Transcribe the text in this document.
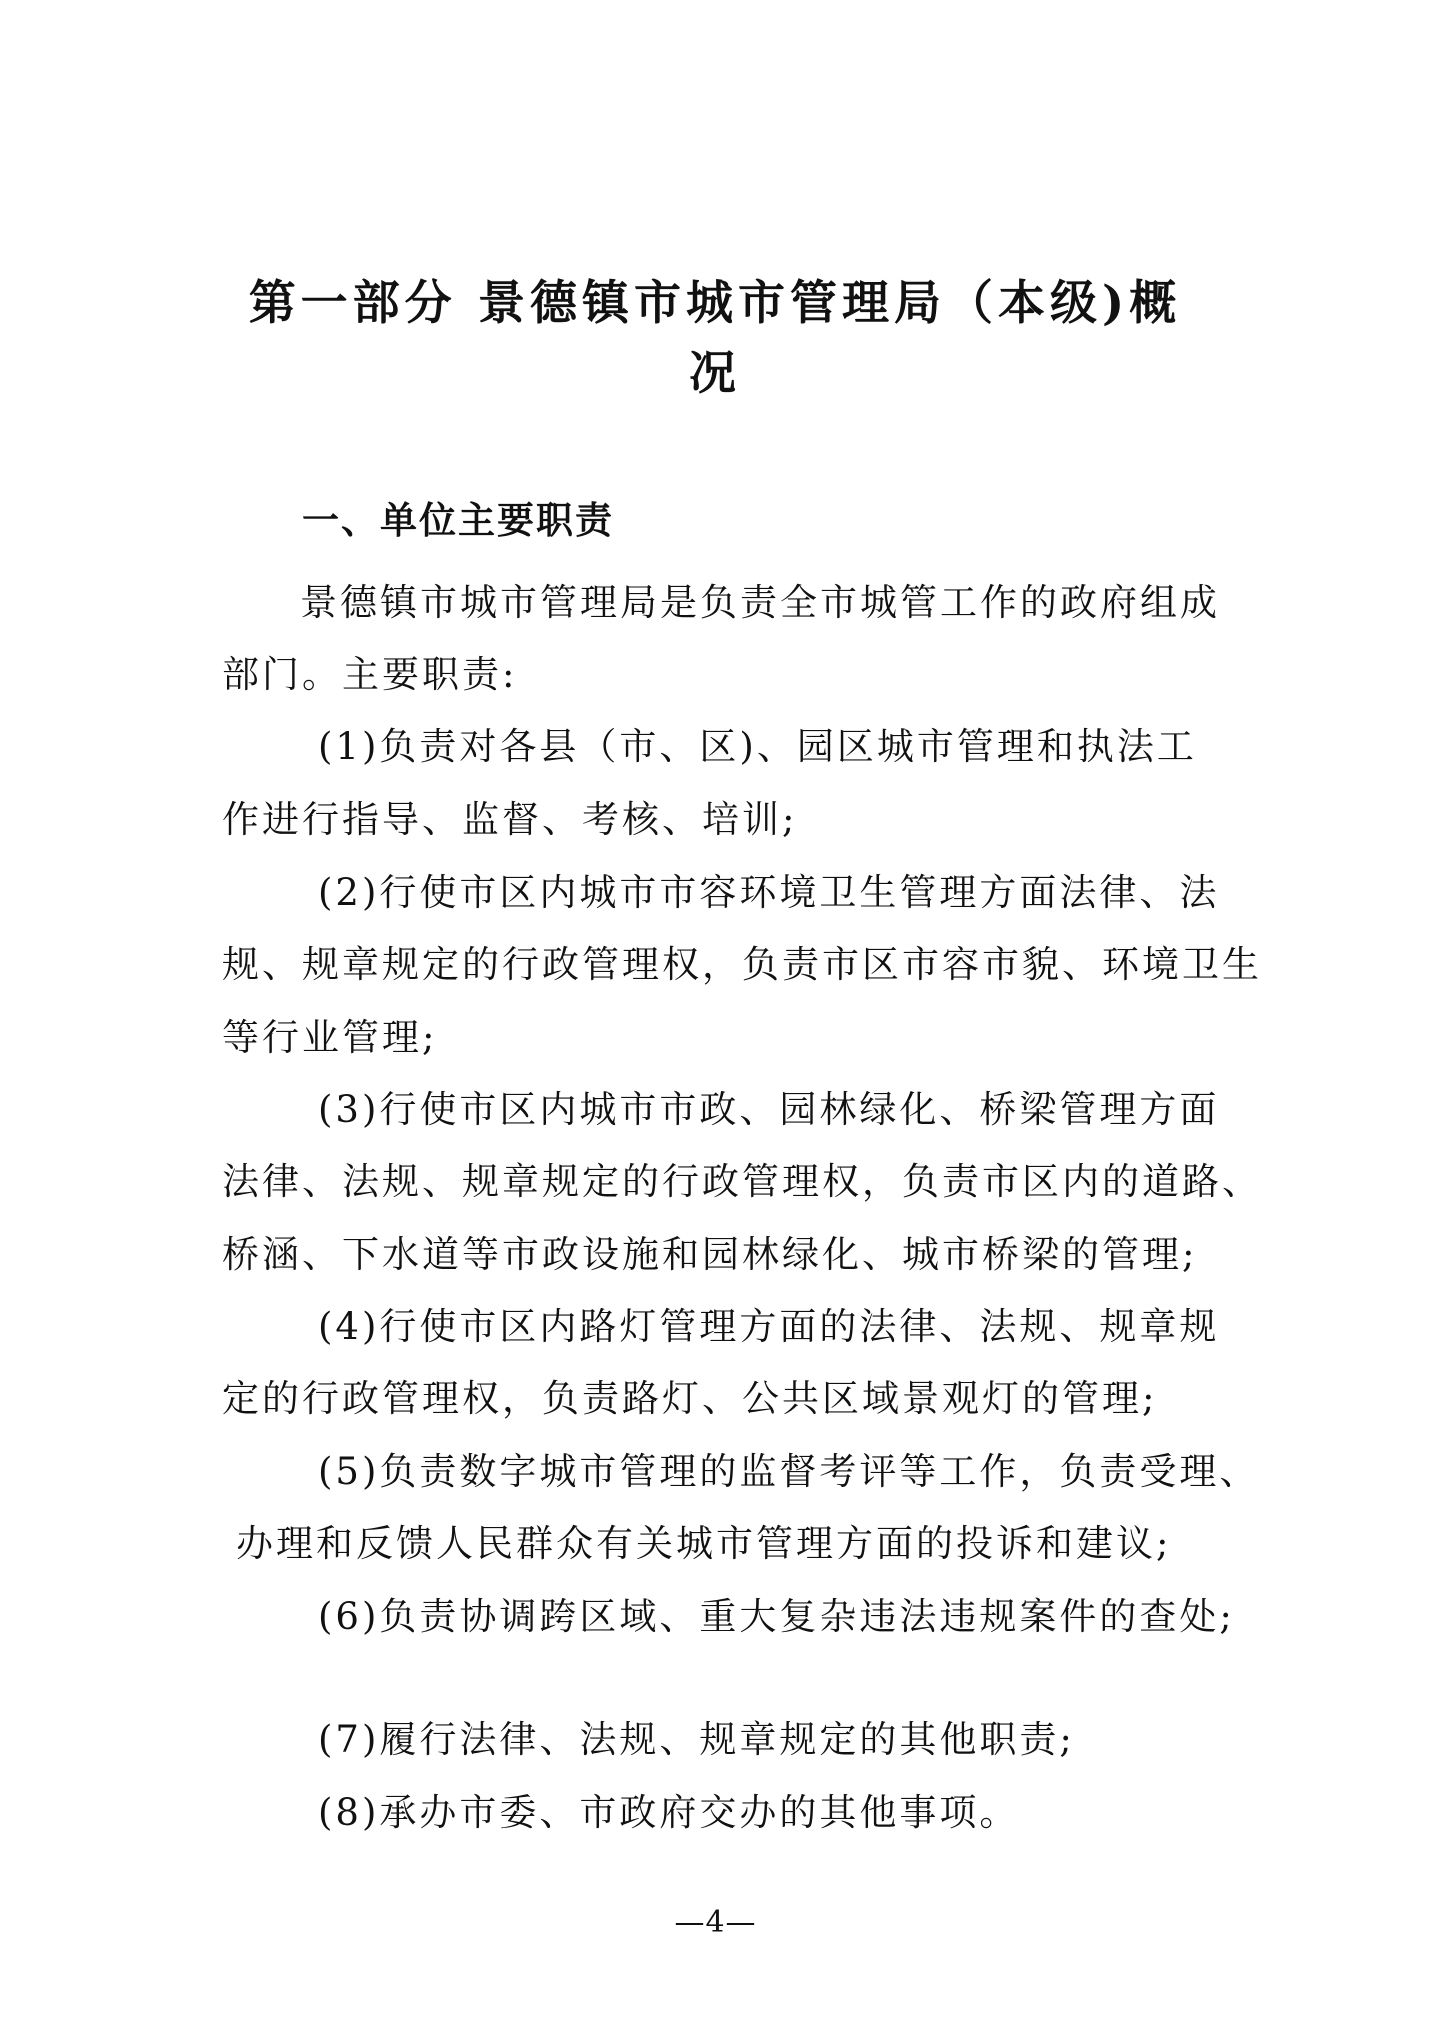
第一部分 景德镇市城市管理局（本级)概
况
一、单位主要职责
景德镇市城市管理局是负责全市城管工作的政府组成
部门。主要职责:
(1)负责对各县（市、区)、园区城市管理和执法工
作进行指导、监督、考核、培训;
(2)行使市区内城市市容环境卫生管理方面法律、法
规、规章规定的行政管理权，负责市区市容市貌、环境卫生
等行业管理;
(3)行使市区内城市市政、园林绿化、桥梁管理方面
法律、法规、规章规定的行政管理权，负责市区内的道路、
桥涵、下水道等市政设施和园林绿化、城市桥梁的管理;
(4)行使市区内路灯管理方面的法律、法规、规章规
定的行政管理权，负责路灯、公共区域景观灯的管理;
(5)负责数字城市管理的监督考评等工作，负责受理、
办理和反馈人民群众有关城市管理方面的投诉和建议;
(6)负责协调跨区域、重大复杂违法违规案件的查处;
(7)履行法律、法规、规章规定的其他职责;
(8)承办市委、市政府交办的其他事项。
—4—
